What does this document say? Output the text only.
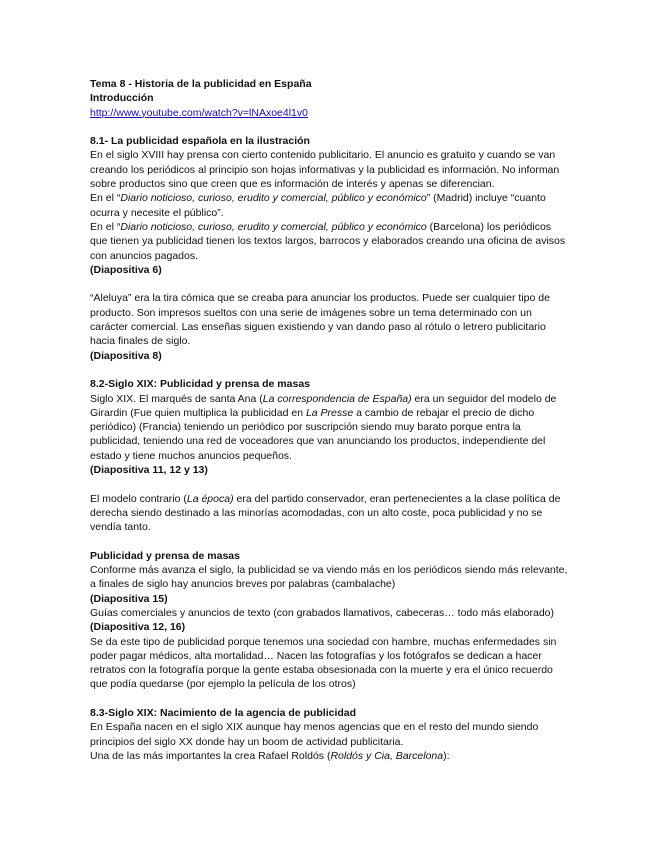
Tema 8 - Historia de la publicidad en España

Introducción

http://www.youtube.com/watch?v=lNAxoe4l1v0

8.1- La publicidad española en la ilustración

En el siglo XVIII hay prensa con cierto contenido publicitario. El anuncio es gratuito y cuando se van creando los periódicos al principio son hojas informativas y la publicidad es información. No informan sobre productos sino que creen que es información de interés y apenas se diferencian.

En el “Diario noticioso, curioso, erudito y comercial, público y económico” (Madrid) incluye “cuanto ocurra y necesite el público”.

En el “Diario noticioso, curioso, erudito y comercial, público y económico (Barcelona) los periódicos que tienen ya publicidad tienen los textos largos, barrocos y elaborados creando una oficina de avisos con anuncios pagados.

(Diapositiva 6)

“Aleluya” era la tira cómica que se creaba para anunciar los productos. Puede ser cualquier tipo de producto. Son impresos sueltos con una serie de imágenes sobre un tema determinado con un carácter comercial. Las enseñas siguen existiendo y van dando paso al rótulo o letrero publicitario hacia finales de siglo.

(Diapositiva 8)

8.2-Siglo XIX: Publicidad y prensa de masas

Siglo XIX. El marqués de santa Ana (La correspondencia de España) era un seguidor del modelo de Girardin (Fue quien multiplica la publicidad en La Presse a cambio de rebajar el precio de dicho periódico) (Francia) teniendo un periódico por suscripción siendo muy barato porque entra la publicidad, teniendo una red de voceadores que van anunciando los productos, independiente del estado y tiene muchos anuncios pequeños.

(Diapositiva 11, 12 y 13)

El modelo contrario (La época) era del partido conservador, eran pertenecientes a la clase política de derecha siendo destinado a las minorías acomodadas, con un alto coste, poca publicidad y no se vendía tanto.

Publicidad y prensa de masas

Conforme más avanza el siglo, la publicidad se va viendo más en los periódicos siendo más relevante, a finales de siglo hay anuncios breves por palabras (cambalache)

(Diapositiva 15)

Guías comerciales y anuncios de texto (con grabados llamativos, cabeceras… todo más elaborado)

(Diapositiva 12, 16)

Se da este tipo de publicidad porque tenemos una sociedad con hambre, muchas enfermedades sin poder pagar médicos, alta mortalidad… Nacen las fotografías y los fotógrafos se dedican a hacer retratos con la fotografía porque la gente estaba obsesionada con la muerte y era el único recuerdo que podía quedarse (por ejemplo la película de los otros)

8.3-Siglo XIX: Nacimiento de la agencia de publicidad

En España nacen en el siglo XIX aunque hay menos agencias que en el resto del mundo siendo principios del siglo XX donde hay un boom de actividad publicitaria.

Una de las más importantes la crea Rafael Roldós (Roldós y Cia, Barcelona):
